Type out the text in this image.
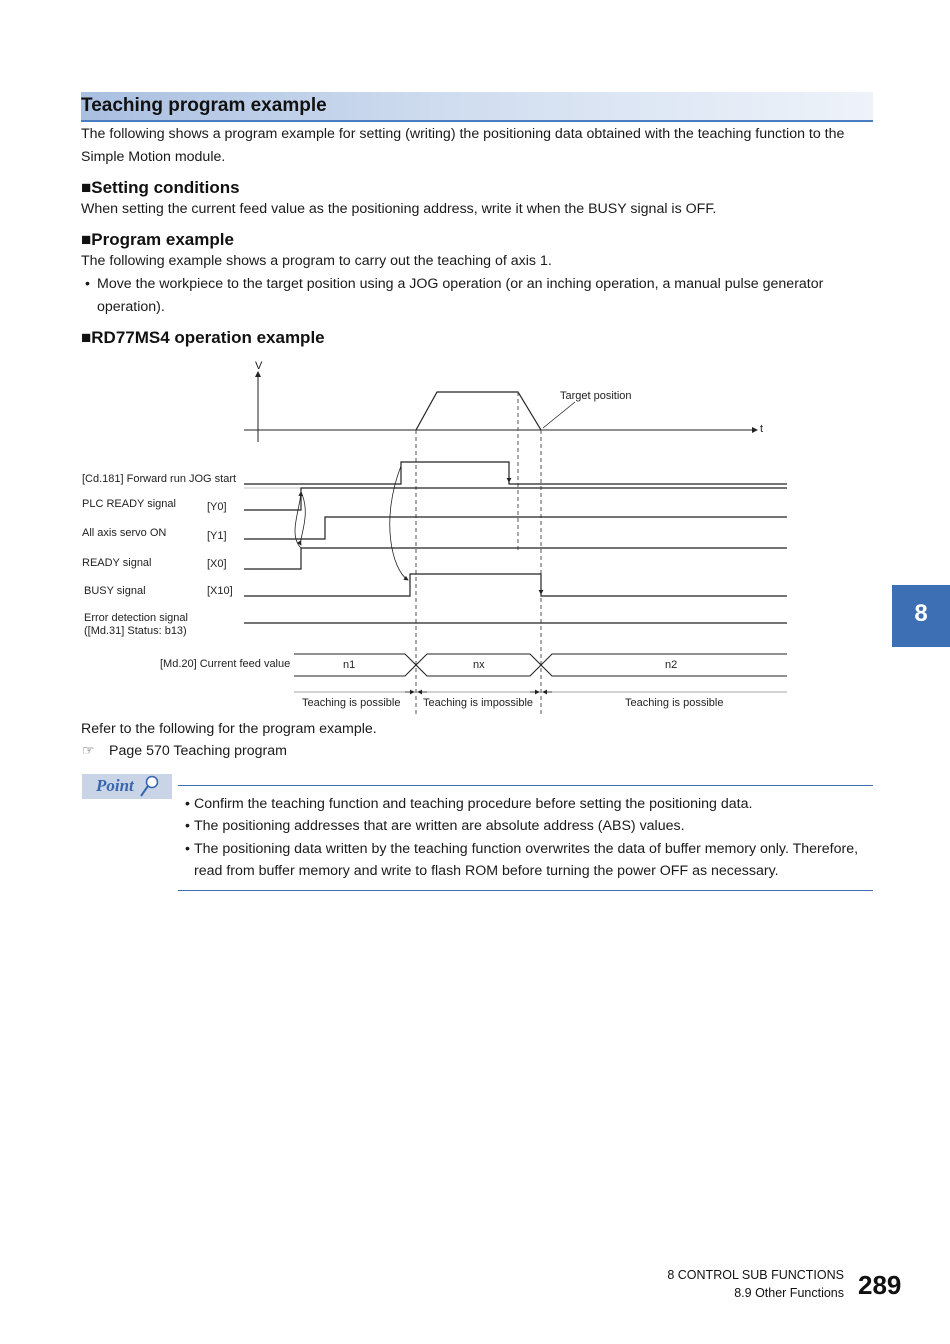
Teaching program example
The following shows a program example for setting (writing) the positioning data obtained with the teaching function to the
Simple Motion module.
■Setting conditions
When setting the current feed value as the positioning address, write it when the BUSY signal is OFF.
■Program example
The following example shows a program to carry out the teaching of axis 1.
• Move the workpiece to the target position using a JOG operation (or an inching operation, a manual pulse generator
operation).
■RD77MS4 operation example
8
V
t
Target position
[Cd.181] Forward run JOG start
PLC READY signal	[Y0]
All axis servo ON	[Y1]
READY signal	[X0]
BUSY signal	[X10]
Error detection signal
([Md.31] Status: b13)
[Md.20] Current feed value	n1	nx	n2
Teaching is possible Teaching is impossible	Teaching is possible
Refer to the following for the program example.
☞ Page 570 Teaching program
Point
• Confirm the teaching function and teaching procedure before setting the positioning data.
• The positioning addresses that are written are absolute address (ABS) values.
• The positioning data written by the teaching function overwrites the data of buffer memory only. Therefore,
read from buffer memory and write to flash ROM before turning the power OFF as necessary.
8 CONTROL SUB FUNCTIONS
8.9 Other Functions 289
